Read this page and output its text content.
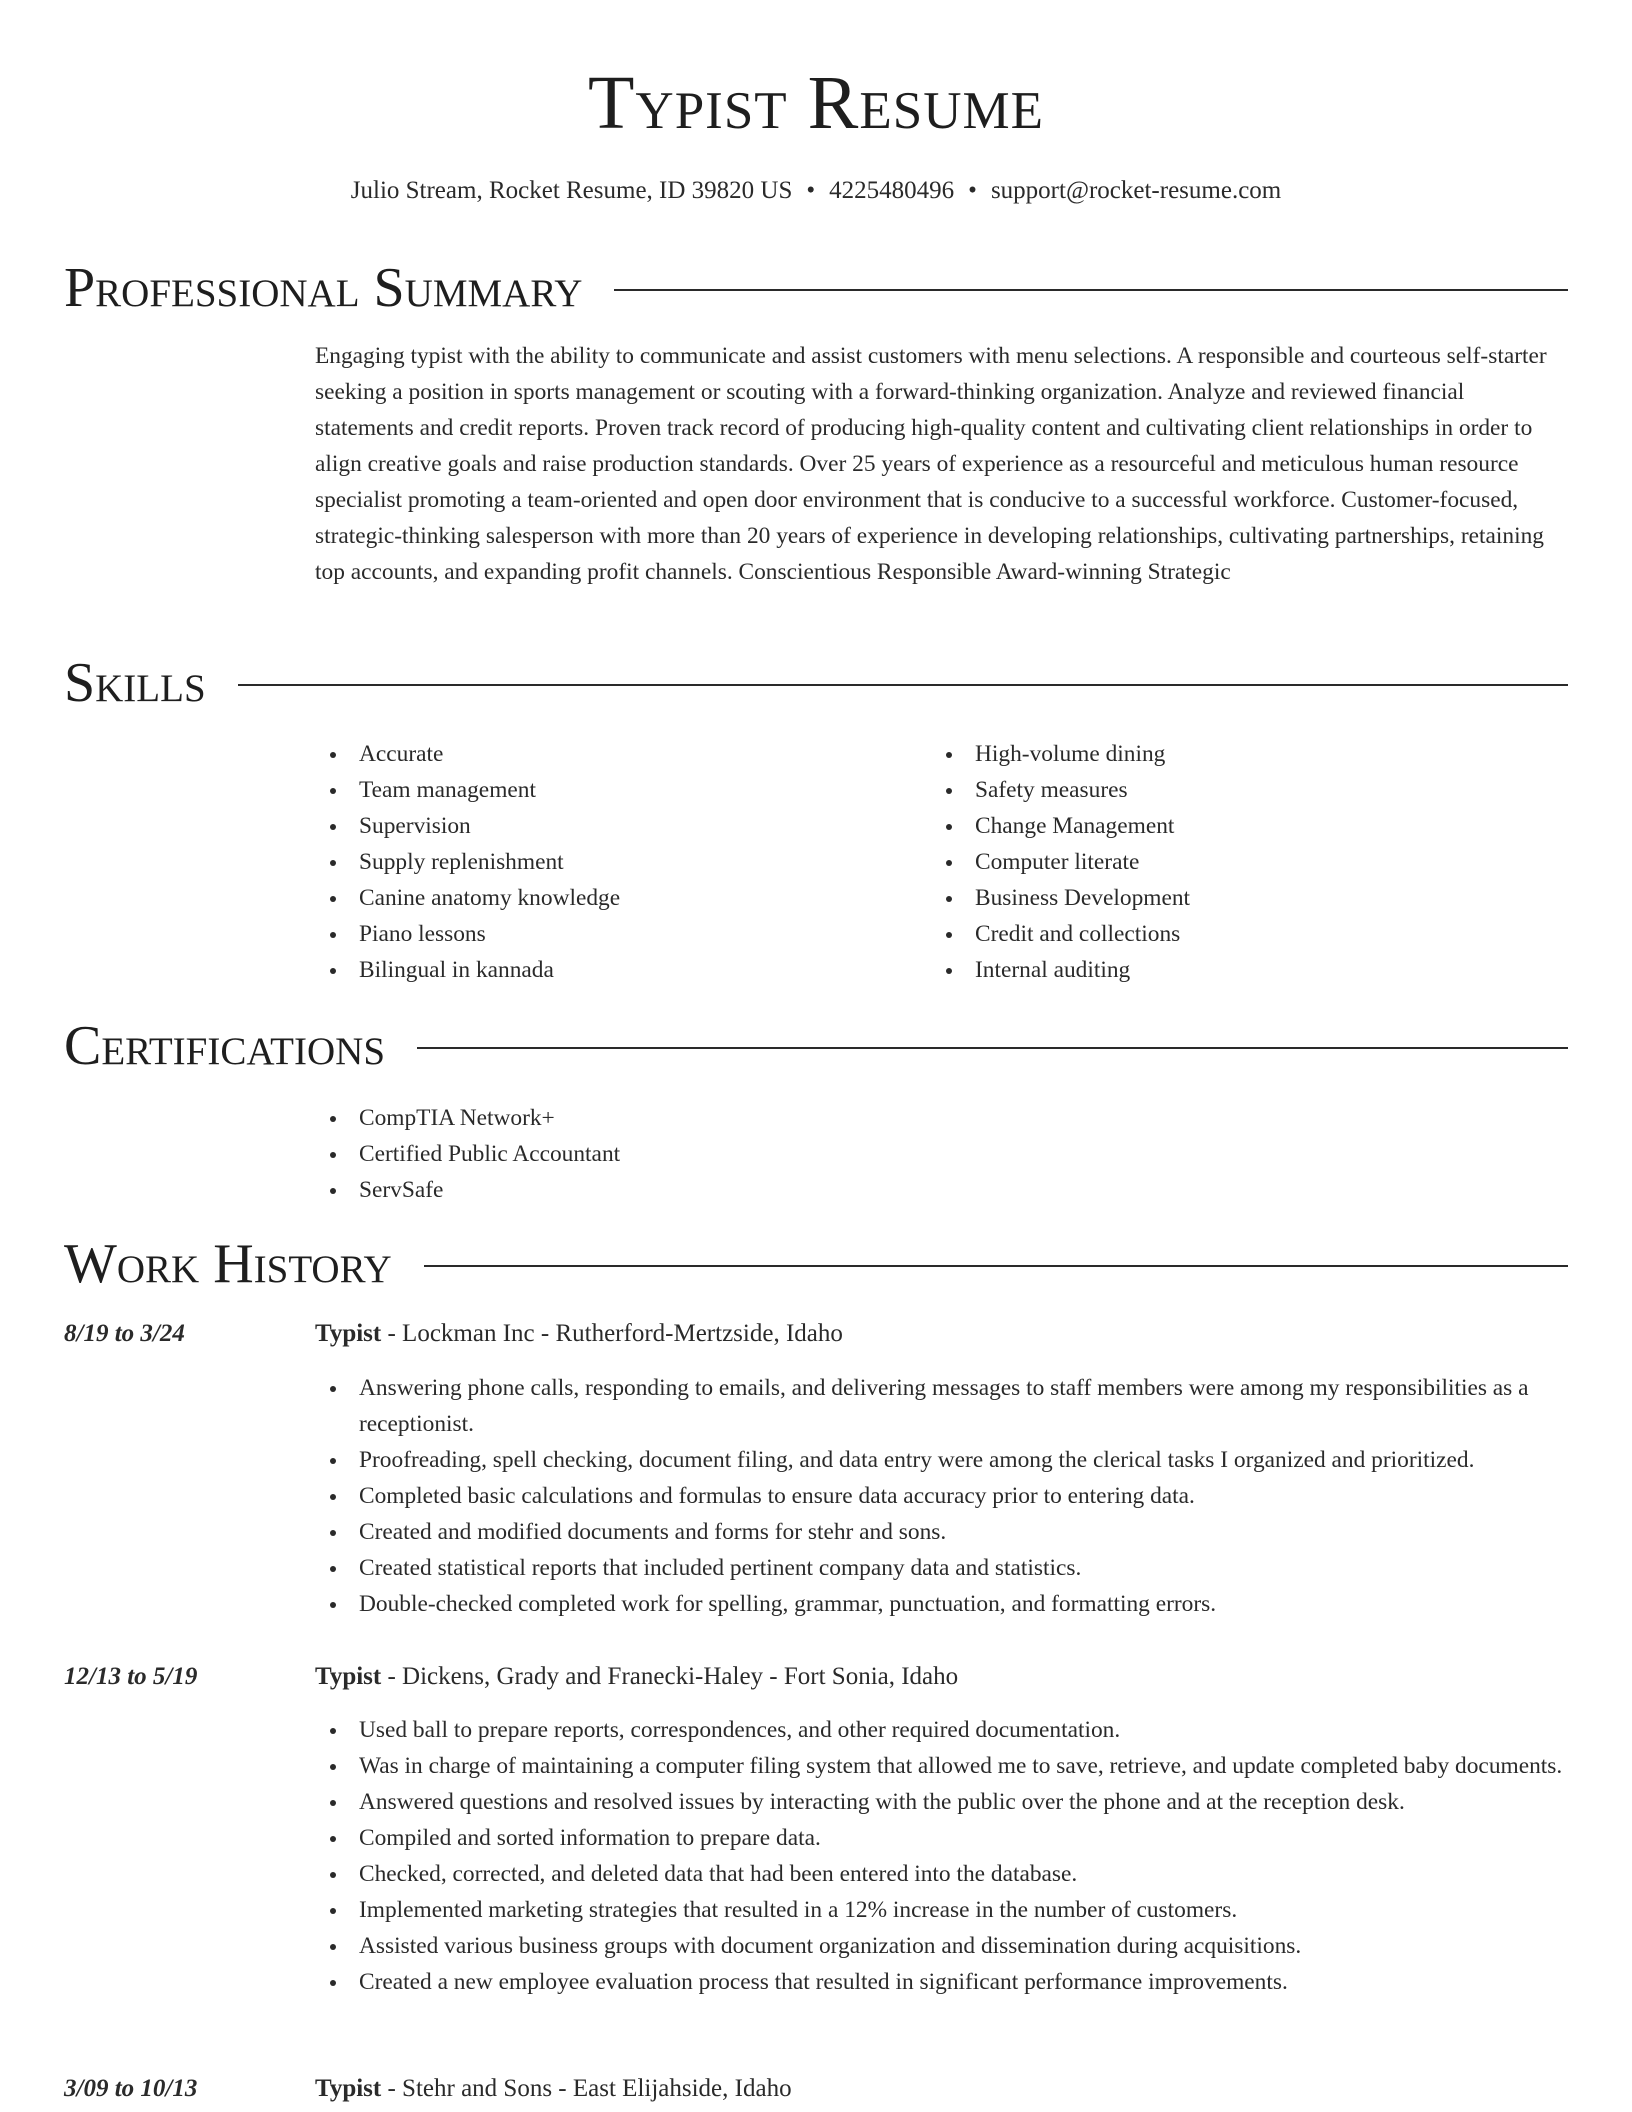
Typist Resume
Julio Stream, Rocket Resume, ID 39820 US • 4225480496 • support@rocket-resume.com
Professional Summary

Engaging typist with the ability to communicate and assist customers with menu selections. A responsible and courteous self-starter seeking a position in sports management or scouting with a forward-thinking organization. Analyze and reviewed financial statements and credit reports. Proven track record of producing high-quality content and cultivating client relationships in order to align creative goals and raise production standards. Over 25 years of experience as a resourceful and meticulous human resource specialist promoting a team-oriented and open door environment that is conducive to a successful workforce. Customer-focused, strategic-thinking salesperson with more than 20 years of experience in developing relationships, cultivating partnerships, retaining top accounts, and expanding profit channels. Conscientious Responsible Award-winning Strategic

Skills
Accurate
Team management
Supervision
Supply replenishment
Canine anatomy knowledge
Piano lessons
Bilingual in kannada
High-volume dining
Safety measures
Change Management
Computer literate
Business Development
Credit and collections
Internal auditing
Certifications
CompTIA Network+
Certified Public Accountant
ServSafe
Work History
8/19 to 3/24	Typist - Lockman Inc - Rutherford-Mertzside, Idaho
Answering phone calls, responding to emails, and delivering messages to staff members were among my responsibilities as a receptionist.
Proofreading, spell checking, document filing, and data entry were among the clerical tasks I organized and prioritized.
Completed basic calculations and formulas to ensure data accuracy prior to entering data.
Created and modified documents and forms for stehr and sons.
Created statistical reports that included pertinent company data and statistics.
Double-checked completed work for spelling, grammar, punctuation, and formatting errors.
12/13 to 5/19	Typist - Dickens, Grady and Franecki-Haley - Fort Sonia, Idaho
Used ball to prepare reports, correspondences, and other required documentation.
Was in charge of maintaining a computer filing system that allowed me to save, retrieve, and update completed baby documents.
Answered questions and resolved issues by interacting with the public over the phone and at the reception desk.
Compiled and sorted information to prepare data.
Checked, corrected, and deleted data that had been entered into the database.
Implemented marketing strategies that resulted in a 12% increase in the number of customers.
Assisted various business groups with document organization and dissemination during acquisitions.
Created a new employee evaluation process that resulted in significant performance improvements.
3/09 to 10/13	Typist - Stehr and Sons - East Elijahside, Idaho
